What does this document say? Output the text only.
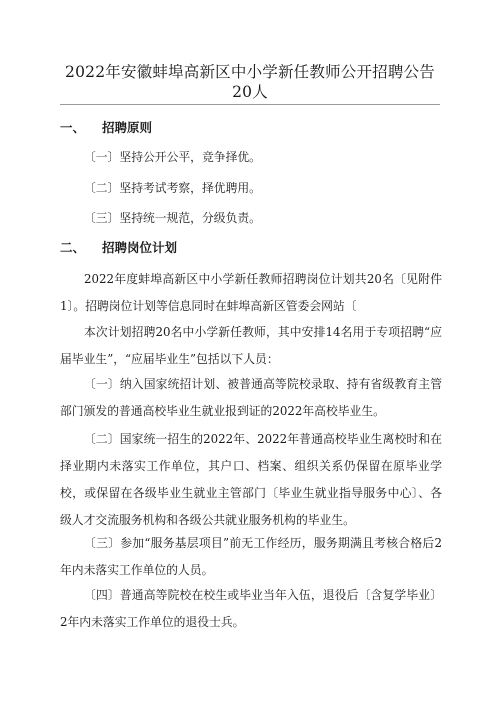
2022年安徽蚌埠高新区中小学新任教师公开招聘公告20人
一、 招聘原则
〔一〕坚持公开公平，竞争择优。
〔二〕坚持考试考察，择优聘用。
〔三〕坚持统一规范，分级负责。
二、 招聘岗位计划

2022年度蚌埠高新区中小学新任教师招聘岗位计划共20名〔见附件1〕。招聘岗位计划等信息同时在蚌埠高新区管委会网站〔

本次计划招聘20名中小学新任教师，其中安排14名用于专项招聘“应届毕业生”，“应届毕业生”包括以下人员：

〔一〕纳入国家统招计划、被普通高等院校录取、持有省级教育主管部门颁发的普通高校毕业生就业报到证的2022年高校毕业生。

〔二〕国家统一招生的2022年、2022年普通高校毕业生离校时和在择业期内未落实工作单位，其户口、档案、组织关系仍保留在原毕业学校，或保留在各级毕业生就业主管部门〔毕业生就业指导服务中心〕、各级人才交流服务机构和各级公共就业服务机构的毕业生。

〔三〕参加“服务基层项目”前无工作经历，服务期满且考核合格后2年内未落实工作单位的人员。

〔四〕普通高等院校在校生或毕业当年入伍，退役后〔含复学毕业〕2年内未落实工作单位的退役士兵。
